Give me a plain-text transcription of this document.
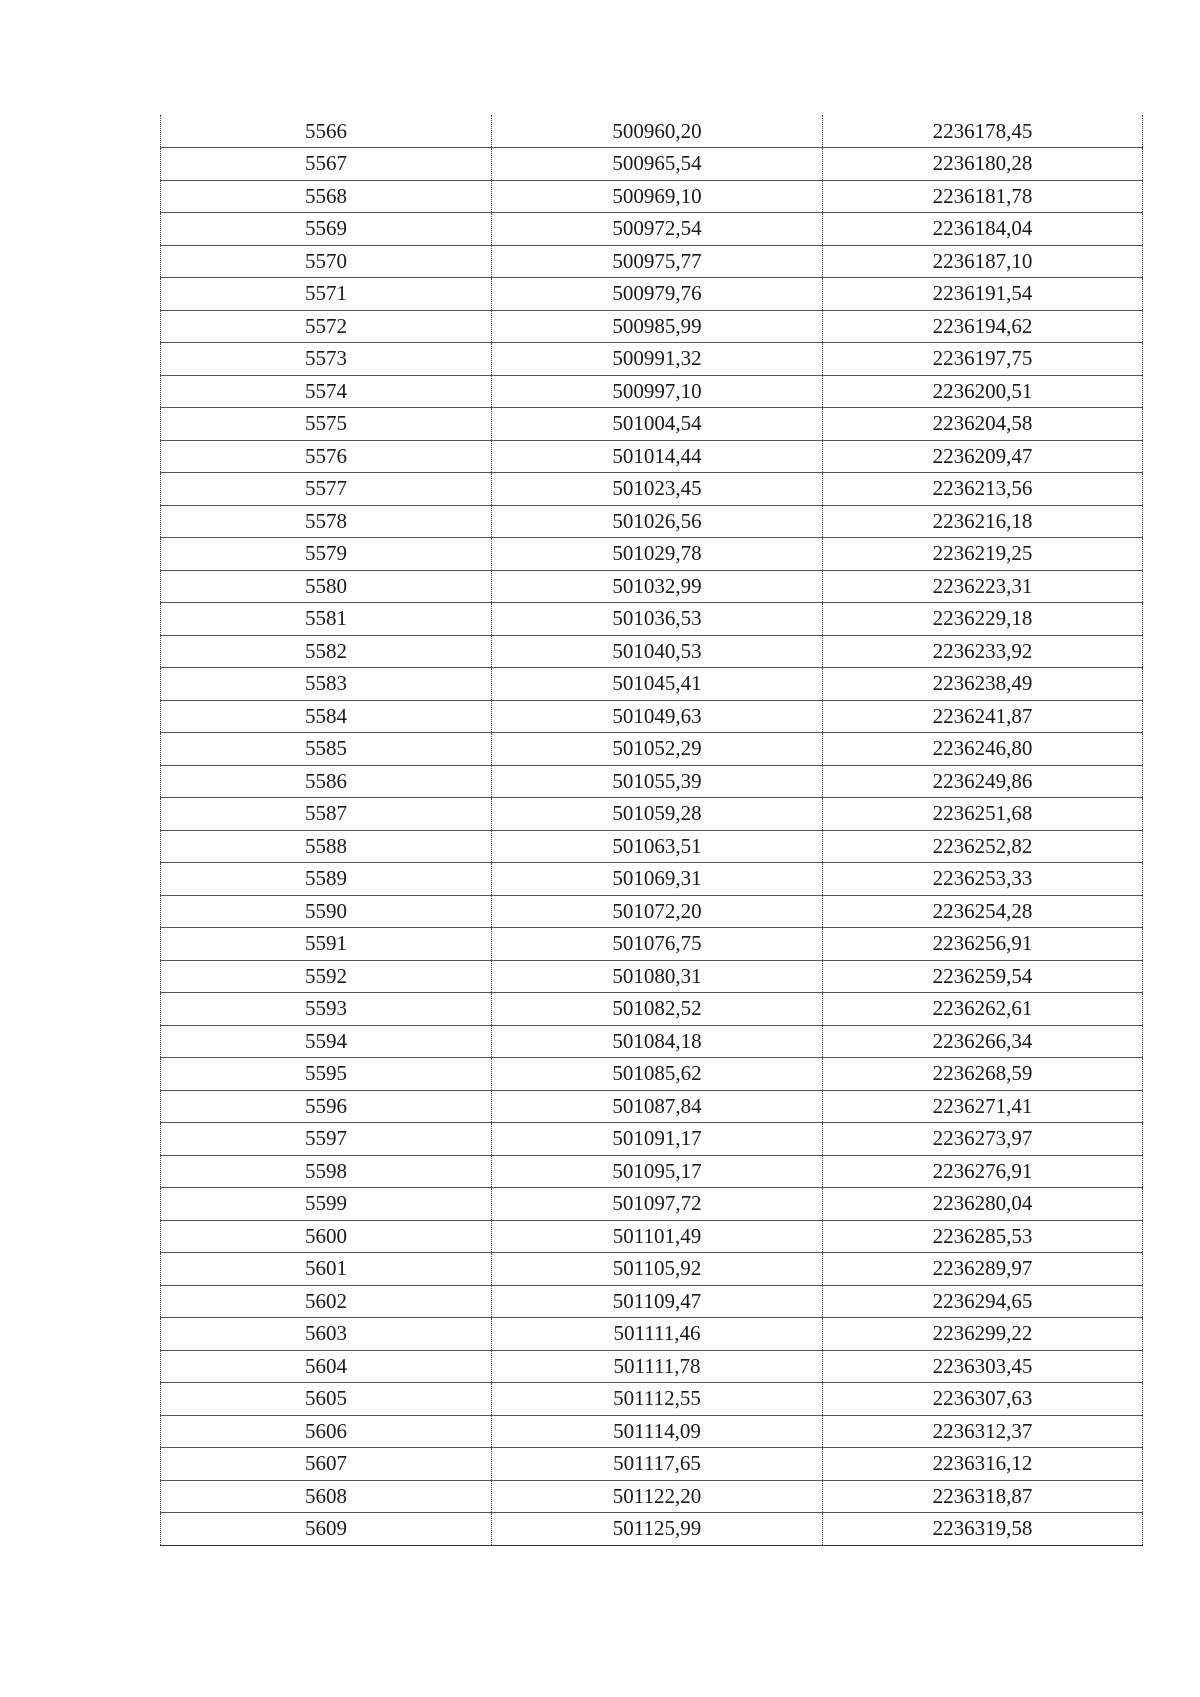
5566	500960,20	2236178,45
5567	500965,54	2236180,28
5568	500969,10	2236181,78
5569	500972,54	2236184,04
5570	500975,77	2236187,10
5571	500979,76	2236191,54
5572	500985,99	2236194,62
5573	500991,32	2236197,75
5574	500997,10	2236200,51
5575	501004,54	2236204,58
5576	501014,44	2236209,47
5577	501023,45	2236213,56
5578	501026,56	2236216,18
5579	501029,78	2236219,25
5580	501032,99	2236223,31
5581	501036,53	2236229,18
5582	501040,53	2236233,92
5583	501045,41	2236238,49
5584	501049,63	2236241,87
5585	501052,29	2236246,80
5586	501055,39	2236249,86
5587	501059,28	2236251,68
5588	501063,51	2236252,82
5589	501069,31	2236253,33
5590	501072,20	2236254,28
5591	501076,75	2236256,91
5592	501080,31	2236259,54
5593	501082,52	2236262,61
5594	501084,18	2236266,34
5595	501085,62	2236268,59
5596	501087,84	2236271,41
5597	501091,17	2236273,97
5598	501095,17	2236276,91
5599	501097,72	2236280,04
5600	501101,49	2236285,53
5601	501105,92	2236289,97
5602	501109,47	2236294,65
5603	501111,46	2236299,22
5604	501111,78	2236303,45
5605	501112,55	2236307,63
5606	501114,09	2236312,37
5607	501117,65	2236316,12
5608	501122,20	2236318,87
5609	501125,99	2236319,58
